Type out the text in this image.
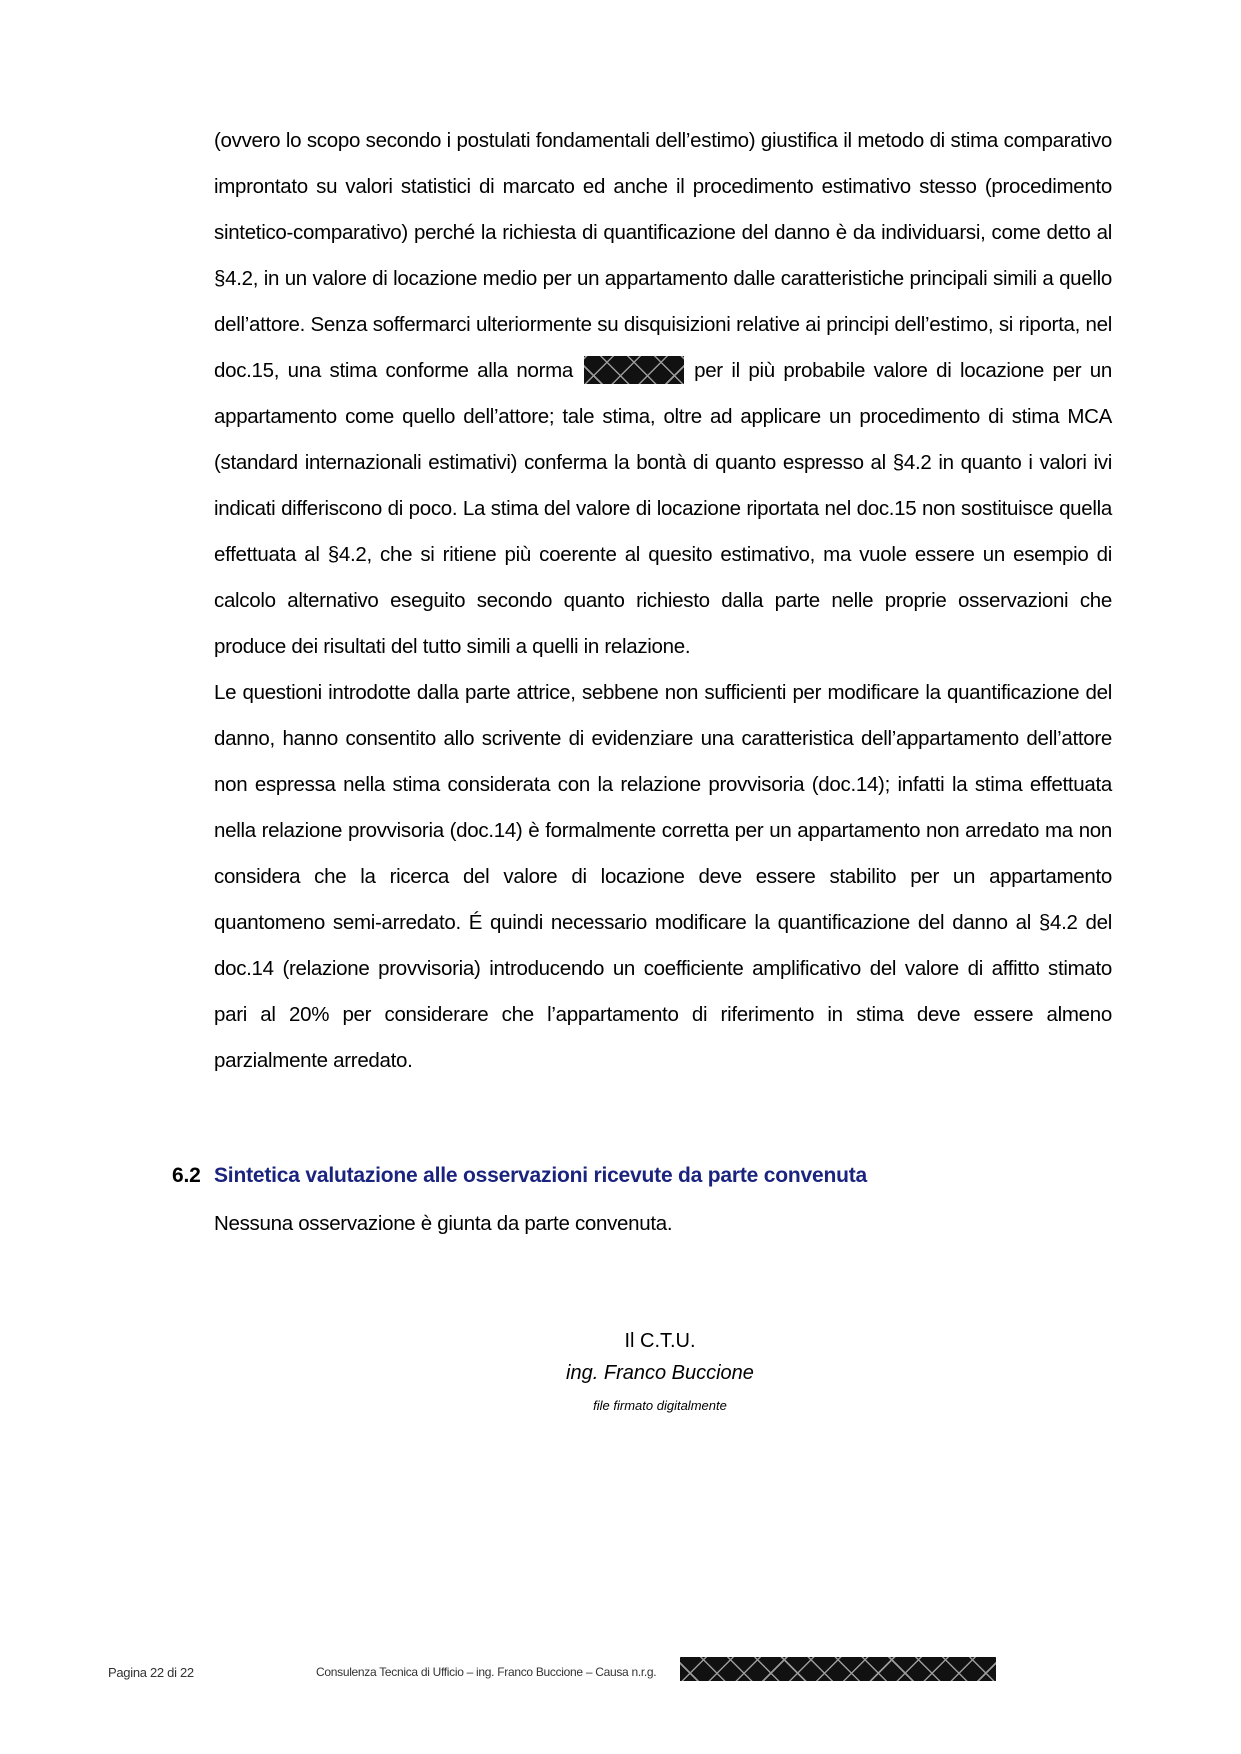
(ovvero lo scopo secondo i postulati fondamentali dell’estimo) giustifica il metodo di stima comparativo improntato su valori statistici di marcato ed anche il procedimento estimativo stesso (procedimento sintetico-comparativo) perché la richiesta di quantificazione del danno è da individuarsi, come detto al §4.2, in un valore di locazione medio per un appartamento dalle caratteristiche principali simili a quello dell’attore. Senza soffermarci ulteriormente su disquisizioni relative ai principi dell’estimo, si riporta, nel doc.15, una stima conforme alla norma	per il più probabile valore di locazione per un appartamento come quello dell’attore; tale stima, oltre ad applicare un procedimento di stima MCA (standard internazionali estimativi) conferma la bontà di quanto espresso al §4.2 in quanto i valori ivi indicati differiscono di poco. La stima del valore di locazione riportata nel doc.15 non sostituisce quella effettuata al §4.2, che si ritiene più coerente al quesito estimativo, ma vuole essere un esempio di calcolo alternativo eseguito secondo quanto richiesto dalla parte nelle proprie osservazioni che produce dei risultati del tutto simili a quelli in relazione.

Le questioni introdotte dalla parte attrice, sebbene non sufficienti per modificare la quantificazione del danno, hanno consentito allo scrivente di evidenziare una caratteristica dell’appartamento dell’attore non espressa nella stima considerata con la relazione provvisoria (doc.14); infatti la stima effettuata nella relazione provvisoria (doc.14) è formalmente corretta per un appartamento non arredato ma non considera che la ricerca del valore di locazione deve essere stabilito per un appartamento quantomeno semi-arredato. É quindi necessario modificare la quantificazione del danno al §4.2 del doc.14 (relazione provvisoria) introducendo un coefficiente amplificativo del valore di affitto stimato pari al 20% per considerare che l’appartamento di riferimento in stima deve essere almeno parzialmente arredato.

6.2 Sintetica valutazione alle osservazioni ricevute da parte convenuta
Nessuna osservazione è giunta da parte convenuta.
Il C.T.U.
ing. Franco Buccione
file firmato digitalmente
Pagina 22 di 22	Consulenza Tecnica di Ufficio – ing. Franco Buccione – Causa n.r.g.
